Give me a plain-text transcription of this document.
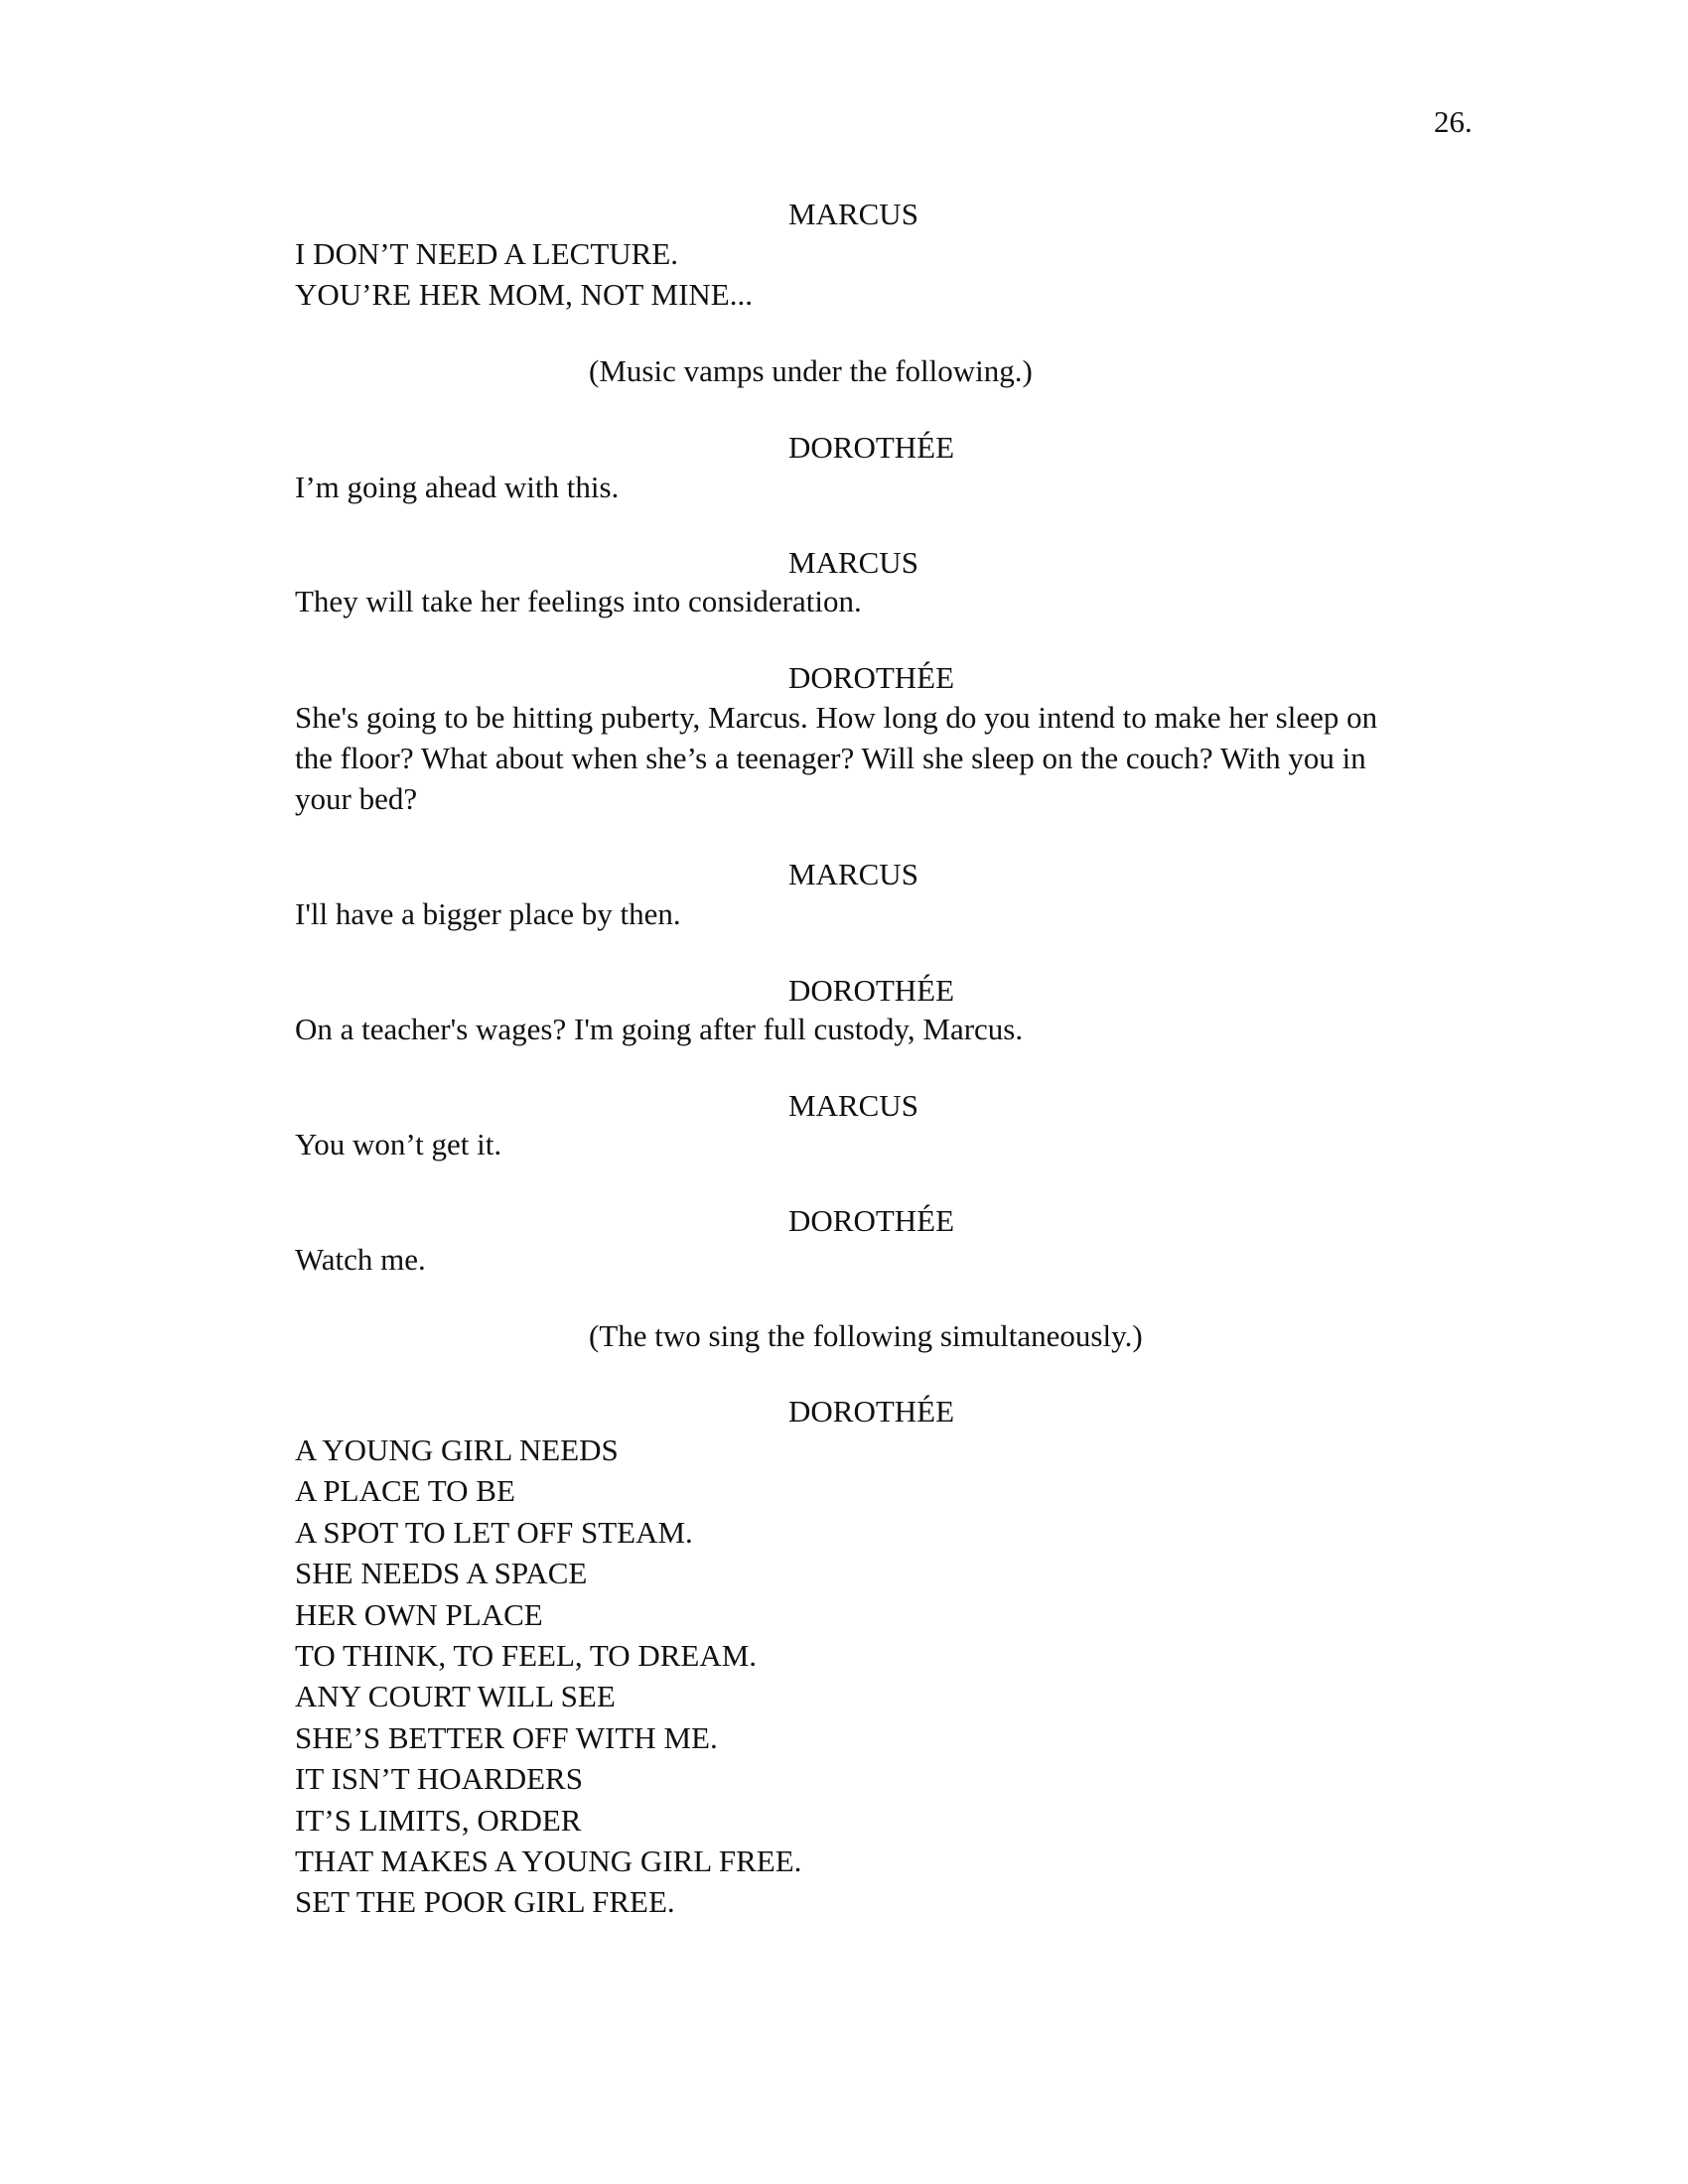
26.

MARCUS

I DON’T NEED A LECTURE.

YOU’RE HER MOM, NOT MINE...

(Music vamps under the following.)

DOROTHÉE

I’m going ahead with this.

MARCUS

They will take her feelings into consideration.

DOROTHÉE

She's going to be hitting puberty, Marcus. How long do you intend to make her sleep on

the floor? What about when she’s a teenager? Will she sleep on the couch? With you in

your bed?

MARCUS

I'll have a bigger place by then.

DOROTHÉE

On a teacher's wages? I'm going after full custody, Marcus.

MARCUS

You won’t get it.

DOROTHÉE

Watch me.

(The two sing the following simultaneously.)

DOROTHÉE

A YOUNG GIRL NEEDS
A PLACE TO BE
A SPOT TO LET OFF STEAM.
SHE NEEDS A SPACE
HER OWN PLACE
TO THINK, TO FEEL, TO DREAM.
ANY COURT WILL SEE
SHE’S BETTER OFF WITH ME.
IT ISN’T HOARDERS
IT’S LIMITS, ORDER
THAT MAKES A YOUNG GIRL FREE.
SET THE POOR GIRL FREE.
